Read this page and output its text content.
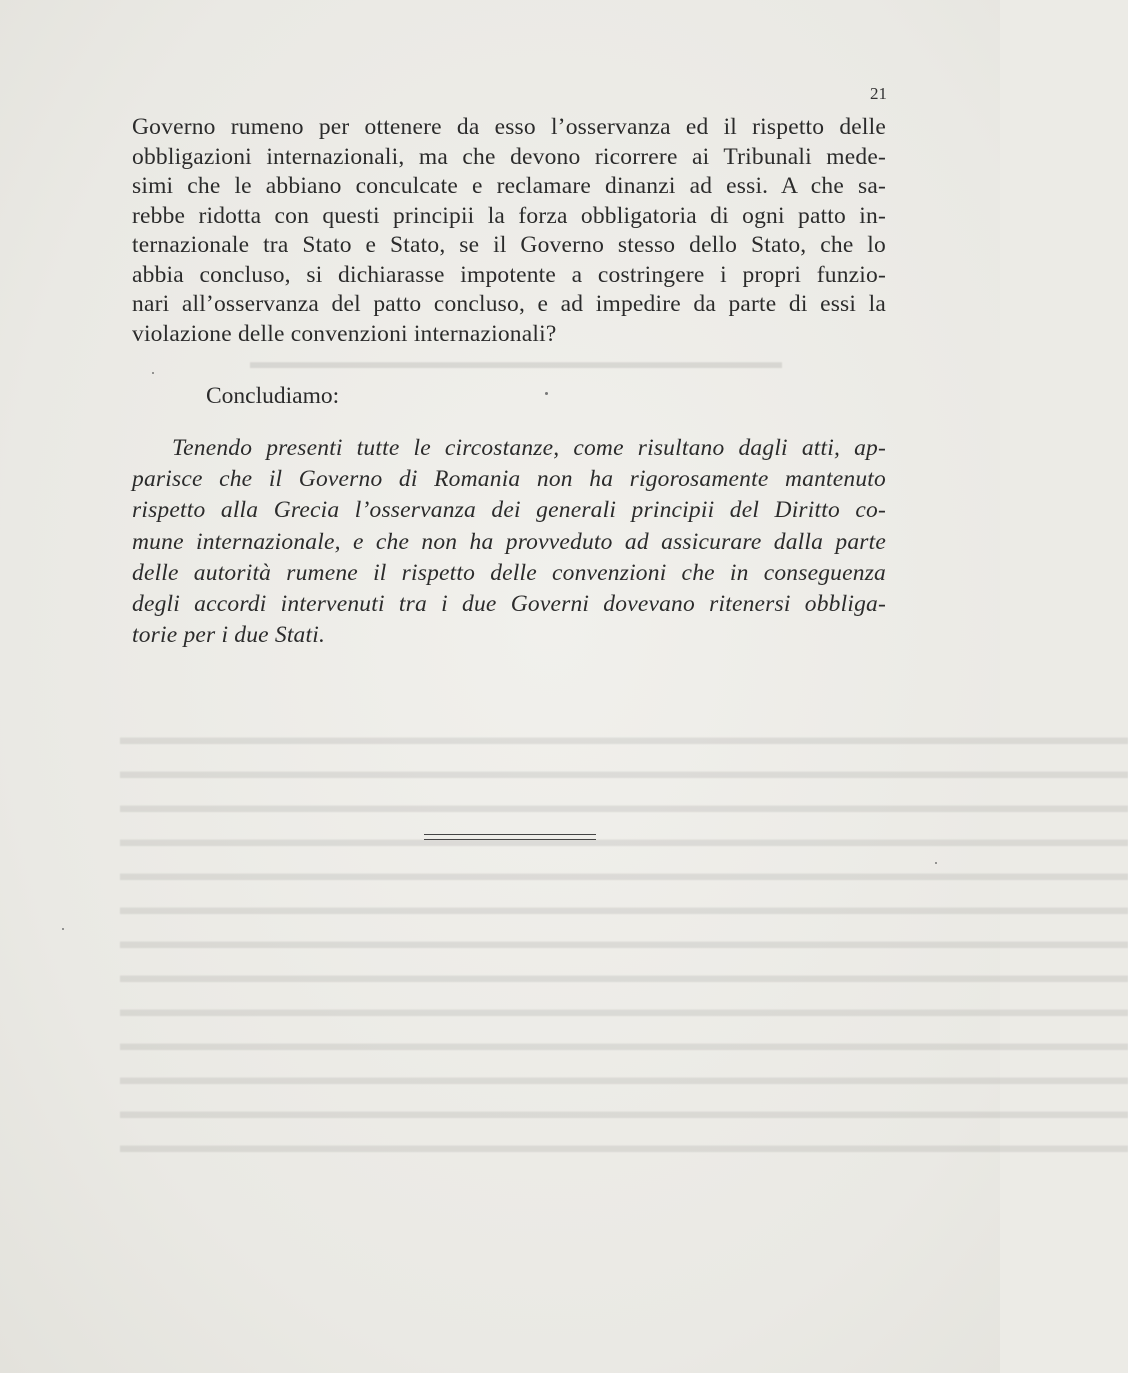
▬▬▬▬▬▬▬▬▬▬▬▬▬▬▬▬▬▬▬▬▬▬▬▬▬▬▬▬
▬▬▬▬▬▬▬▬▬▬▬▬▬▬▬▬▬▬▬▬▬▬▬▬▬▬▬▬▬▬▬▬▬▬▬▬▬▬▬▬▬▬▬▬▬▬▬▬
▬▬▬▬▬▬▬▬▬▬▬▬▬▬▬▬▬▬▬▬▬▬▬▬▬▬▬▬▬▬▬▬▬▬▬▬▬▬▬▬▬▬▬▬▬▬▬▬
▬▬▬▬▬▬▬▬▬▬▬▬▬▬▬▬▬▬▬▬▬▬▬▬▬▬▬▬▬▬▬▬▬▬▬▬▬▬▬▬▬▬▬▬▬▬▬▬
▬▬▬▬▬▬▬▬▬▬▬▬▬▬▬▬▬▬▬▬▬▬▬▬▬▬▬▬▬▬▬▬▬▬▬▬▬▬▬▬▬▬▬▬▬▬▬▬
▬▬▬▬▬▬▬▬▬▬▬▬▬▬▬▬▬▬▬▬▬▬▬▬▬▬▬▬▬▬▬▬▬▬▬▬▬▬▬▬▬▬▬▬▬▬▬▬
▬▬▬▬▬▬▬▬▬▬▬▬▬▬▬▬▬▬▬▬▬▬▬▬▬▬▬▬▬▬▬▬▬▬▬▬▬▬▬▬▬▬▬▬▬▬▬▬
▬▬▬▬▬▬▬▬▬▬▬▬▬▬▬▬▬▬▬▬▬▬▬▬▬▬▬▬▬▬▬▬▬▬▬▬▬▬▬▬▬▬▬▬▬▬▬▬
▬▬▬▬▬▬▬▬▬▬▬▬▬▬▬▬▬▬▬▬▬▬▬▬▬▬▬▬▬▬▬▬▬▬▬▬▬▬▬▬▬▬▬▬▬▬▬▬
▬▬▬▬▬▬▬▬▬▬▬▬▬▬▬▬▬▬▬▬▬▬▬▬▬▬▬▬▬▬▬▬▬▬▬▬▬▬▬▬▬▬▬▬▬▬▬▬
▬▬▬▬▬▬▬▬▬▬▬▬▬▬▬▬▬▬▬▬▬▬▬▬▬▬▬▬▬▬▬▬▬▬▬▬▬▬▬▬▬▬▬▬▬▬▬▬
▬▬▬▬▬▬▬▬▬▬▬▬▬▬▬▬▬▬▬▬▬▬▬▬▬▬▬▬▬▬▬▬▬▬▬▬▬▬▬▬▬▬▬▬▬▬▬▬
▬▬▬▬▬▬▬▬▬▬▬▬▬▬▬▬▬▬▬▬▬▬▬▬▬▬▬▬▬▬▬▬▬▬▬▬▬▬▬▬▬▬▬▬▬▬▬▬
▬▬▬▬▬▬▬▬▬▬▬▬▬▬▬▬▬▬▬▬▬▬▬▬▬▬▬▬▬▬▬▬▬▬▬▬▬▬▬▬▬▬▬▬▬▬▬▬
21
Governo rumeno per ottenere da esso l’osservanza ed il rispetto delle
obbligazioni internazionali, ma che devono ricorrere ai Tribunali mede-
simi che le abbiano conculcate e reclamare dinanzi ad essi. A che sa-
rebbe ridotta con questi principii la forza obbligatoria di ogni patto in-
ternazionale tra Stato e Stato, se il Governo stesso dello Stato, che lo
abbia concluso, si dichiarasse impotente a costringere i propri funzio-
nari all’osservanza del patto concluso, e ad impedire da parte di essi la
violazione delle convenzioni internazionali?
Concludiamo:
Tenendo presenti tutte le circostanze, come risultano dagli atti, ap-
parisce che il Governo di Romania non ha rigorosamente mantenuto
rispetto alla Grecia l’osservanza dei generali principii del Diritto co-
mune internazionale, e che non ha provveduto ad assicurare dalla parte
delle autorità rumene il rispetto delle convenzioni che in conseguenza
degli accordi intervenuti tra i due Governi dovevano ritenersi obbliga-
torie per i due Stati.
